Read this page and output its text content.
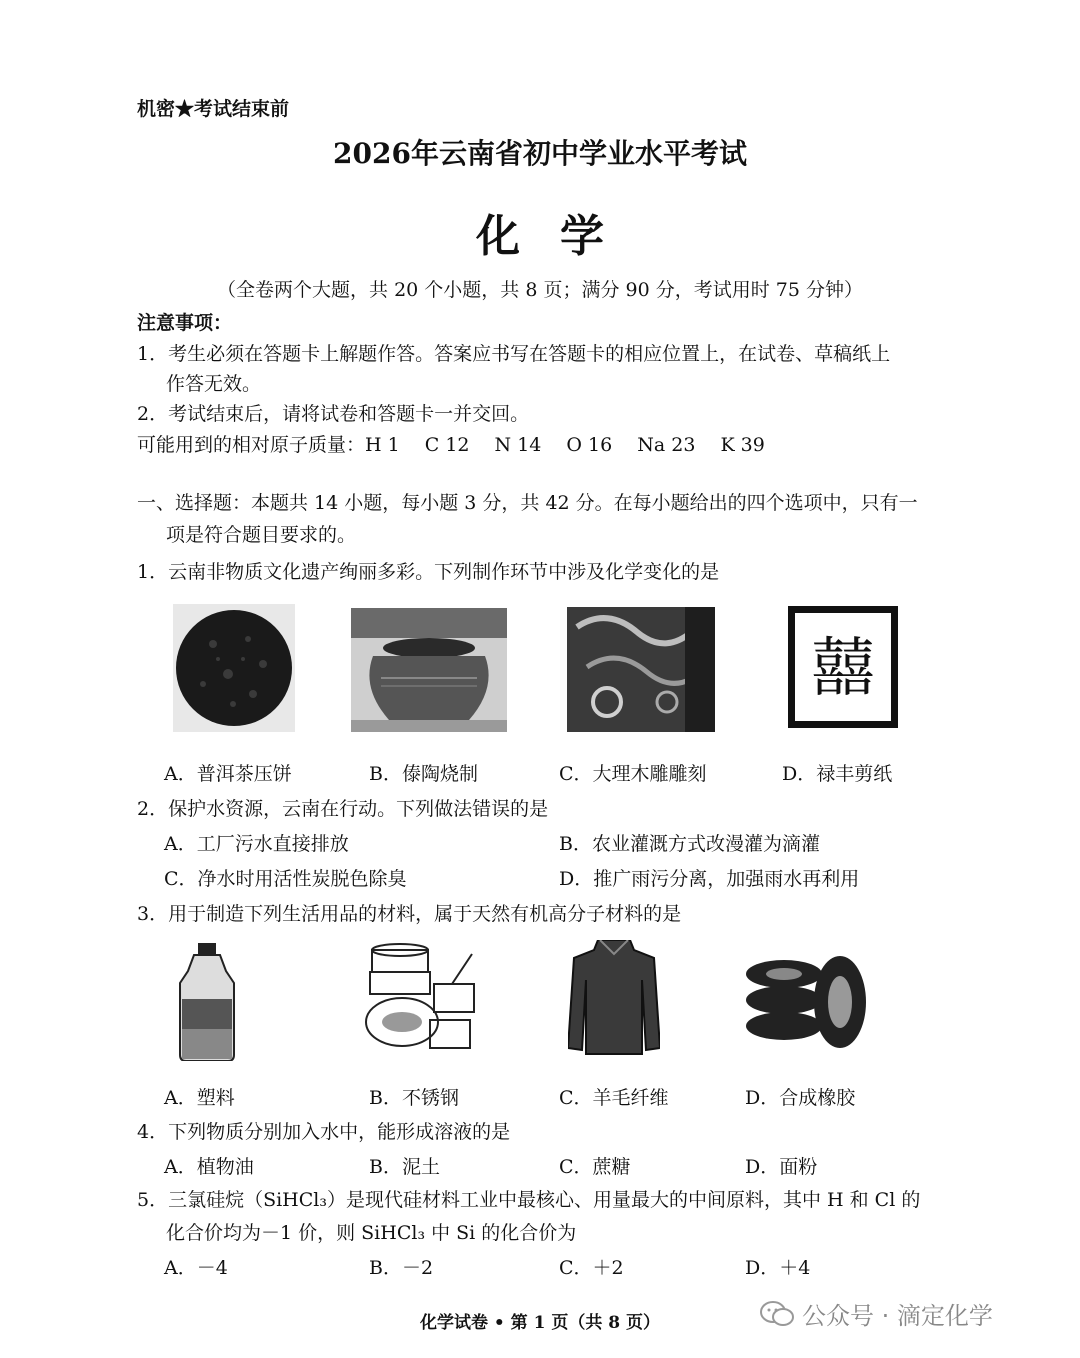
机密★考试结束前
2026年云南省初中学业水平考试
化学
（全卷两个大题，共 20 个小题，共 8 页；满分 90 分，考试用时 75 分钟）
注意事项：
1．考生必须在答题卡上解题作答。答案应书写在答题卡的相应位置上，在试卷、草稿纸上
作答无效。
2．考试结束后，请将试卷和答题卡一并交回。
可能用到的相对原子质量：H 1　 C 12　 N 14　 O 16　 Na 23　 K 39
一、选择题：本题共 14 小题，每小题 3 分，共 42 分。在每小题给出的四个选项中，只有一
项是符合题目要求的。
1．云南非物质文化遗产绚丽多彩。下列制作环节中涉及化学变化的是
囍
A．普洱茶压饼	B．傣陶烧制	C．大理木雕雕刻	D．禄丰剪纸
2．保护水资源，云南在行动。下列做法错误的是
A．工厂污水直接排放	B．农业灌溉方式改漫灌为滴灌
C．净水时用活性炭脱色除臭	D．推广雨污分离，加强雨水再利用
3．用于制造下列生活用品的材料，属于天然有机高分子材料的是
A．塑料	B．不锈钢	C．羊毛纤维	D．合成橡胶
4．下列物质分别加入水中，能形成溶液的是
A．植物油	B．泥土	C．蔗糖	D．面粉
5．三氯硅烷（SiHCl₃）是现代硅材料工业中最核心、用量最大的中间原料，其中 H 和 Cl 的
化合价均为－1 价，则 SiHCl₃ 中 Si 的化合价为
A．－4	B．－2	C．＋2	D．＋4
化学试卷 • 第 1 页（共 8 页）	公众号 · 滴定化学
